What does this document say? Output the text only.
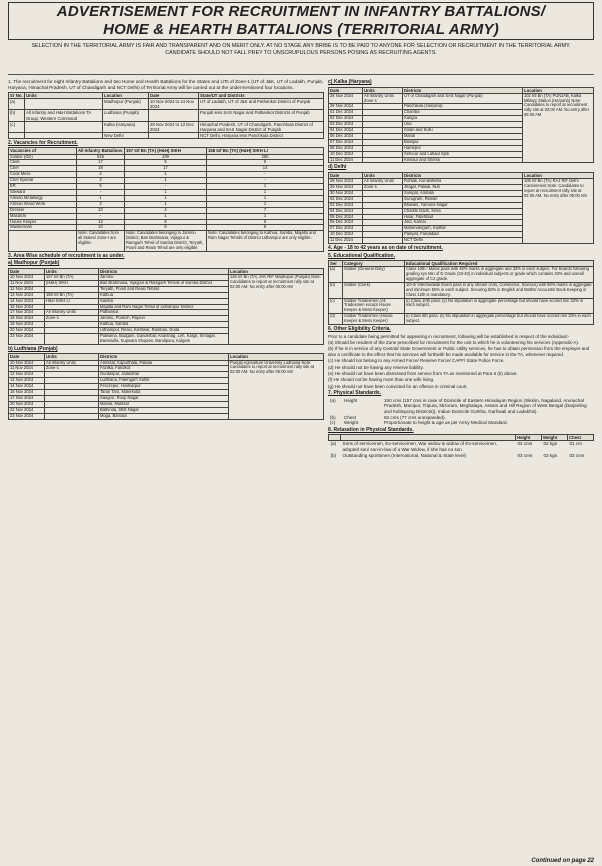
ADVERTISEMENT FOR RECRUITMENT IN INFANTRY BATTALIONS/
HOME & HEARTH BATTALIONS (TERRITORIAL ARMY)
SELECTION IN THE TERRITORIAL ARMY IS FAIR AND TRANSPARENT AND ON MERIT ONLY. AT NO STAGE ANY BRIBE IS TO BE PAID TO ANYONE FOR SELECTION OR RECRUITMENT IN THE TERRITORIAL ARMY. CANDIDATE SHOULD NOT FALL PREY TO UNSCRUPULOUS PERSONS POSING AS RECRUITING AGENTS.

1. The recruitment for eight Infantry Battalions and two Home and Hearth Battalions for the States and UTs of Zone-1 (UT of J&K, UT of Ladakh, Punjab, Haryana, Himachal Pradesh, UT of Chandigarh and NCT Delhi) of Territorial Army will be carried out at the undermentioned four locations.

Sr No.	Units	Location	Date	State/UT and Districts
(a)		Madhopur (Punjab)	10 Nov 2024 to 24 Nov 2024	UT of Ladakh, UT of J&K and Pathankot District of Punjab
(b)	All Infantry and H&H Battalions TA Group, Western Command	Ludhiana (Punjab)		Punjab less SAS Nagar and Pathankot Districts of Punjab
(c)		Kalka (Haryana)	28 Nov 2024 to 12 Dec 2024	Himachal Pradesh, UT of Chandigarh, Panchkula District of Haryana and SAS Nagar District of Punjab
		New Delhi		NCT Delhi, Haryana less Panchkula District
2. Vacancies for Recruitment.
Vacancies of	All Infantry Battalions	157 Inf Bn (TA) (H&H) SIKH	158 Inf Bn (TA) (H&H) SIKH LI
Soldier (GD)	515	239	260
Clerk	17	5	6
Chef	18	17	14
Cook Mess	2	1	-
Chef Special	3	1	-
ER	5	-	1
Steward	-	1	1
Artisan Metallurgy	1	1	1
Artisan Wood Work	3	1	1
Dresser	10	4	7
Masalchi	-	1	1
House Keeper	13	8	6
Washerman	10	6	6
	Note: Candidates from all States/ Zone-I are eligible.	Note: Candidates belonging to Jammu District, Bari Brahmana, Vijaypur & Ramgarh Tehsil of Samba District, Teryath, Poonl and Reasi Tehsil are only eligible.	Note: Candidates belonging to Kathua, Samba, Majalta and Ram Nagar Tehsils of District Udhampur are only eligible.
3. Area Wise schedule of recruitment is as under.
a) Madhopur (Punjab)
Date	Units	Districts	Location
10 Nov 2024	157 Inf Bn (TA)	Jammu	126 Inf Bn (TA) JAK RIF Madhopur (Punjab) Note: Candidates to report at recruitment rally site at 02:00 AM. No entry after 05:00 AM
11 Nov 2024	(H&H) SIKH	Bari Brahmana, Vijaypur & Ramgarh Tehsils of Samba District	
12 Nov 2024		Teryath, Poonl and Reasi Tehsils	
13 Nov 2024	158 Inf Bn (TA)	Kathua	
14 Nov 2024	H&H SIKH LI	Samba	
15 Nov 2024		Majalta and Ram Nagar Tehsil of Udhampur District	
17 Nov 2024	All Infantry Units	Pathankot	
18 Nov 2024	Zone-1	Jammu, Poonch, Rajouri	
19 Nov 2024		Kathua, Samba	
20 Nov 2024		Udhampur, Reasi, Kishtwar, Ramban, Doda	
23 Nov 2024		Pulwama, Budgam, Ganderbal, Anantnag, Leh, Kargil, Srinagar, Baramulla, Kupwara Shopian, Bandipora, Kulgam	
b) Ludhiana (Punjab)
Date	Units	Districts	Location
10 Nov 2024	All Infantry Units	Amritsar, Kapurthala, Patiala	Punjab Agriculture University Ludhiana Note: Candidates to report at recruitment rally site at 02:00 AM. No entry after 05:00 AM
11 Nov 2024	Zone-1	Fazilka, Faridkot	
12 Nov 2024		Gurdaspur, Jalandhar	
13 Nov 2024		Ludhiana, Fatehgarh Sahib	
14 Nov 2024		Ferozepur, Hoshiarpur	
15 Nov 2024		Taran Tarn, Malerkotla	
17 Nov 2024		Sangrur, Roop Nagar	
20 Nov 2024		Mansa, Muktsar	
22 Nov 2024		Bathinda, SBS Nagar	
23 Nov 2024		Moga, Barnala	
c) Kalka (Haryana)
Date	Units	Districts	Location
28 Nov 2024	All Infantry Units Zone-1	UT of Chandigarh and SAS Nagar (Punjab)	102 Inf Bn (TA) PUNJAB, Kalka Military Station (Haryana) Note: Candidates to report at recruitment rally site at 02:00 AM. No entry after 05:00 AM
29 Nov 2024		Panchkula (Haryana)	
01 Dec 2024		Chamba	
02 Dec 2024		Kangra	
03 Dec 2024		Una	
04 Dec 2024		Solan and Kullu	
06 Dec 2024		Mandi	
07 Dec 2024		Bilaspur	
08 Dec 2024		Hamirpur	
10 Dec 2024		Sirmour and Lahaul Spiti	
11 Dec 2024		Kinnaur and Shimla	
d) Delhi
Date	Units	Districts	Location
28 Nov 2024	All Infantry Units	Rohtak, Kurukshetra	105 Inf Bn (TA) RAJ RIF Delhi Cantonment Note: Candidates to report at recruitment rally site at 02:00 AM. No entry after 05:00 AM
29 Nov 2024	Zone-1	Jhajjar, Palwal, Nuh	
30 Nov 2024		Sonipat, Ambala	
02 Dec 2024		Gurugram, Rewari	
03 Dec 2024		Bhiwani, Yamuna Nagar	
04 Dec 2024		Charkhi Dadri, Sirsa	
05 Dec 2024		Hisar, Fatehbad	
06 Dec 2024		Jind, Karnal	
07 Dec 2024		Mahendergarh, Kaithal	
10 Dec 2024		Panipat, Faridabad	
11 Dec 2024		NCT Delhi	
4. Age - 18 to 42 years as on date of recruitment.
5. Educational Qualification.
Ser	Category	Educational Qualification Required
(a)	Soldier (General Duty)	Class 10th / Matric pass with 45% marks in aggregate and 33% in each subject. For Boards following grading sys Min of D Grade (33-40) in individual subjects or grade which contains 33% and overall aggregate of C2 grade.
(b)	Soldier (Clerk)	10+2/ Intermediate Exam pass in any stream (Arts, Commerce, Science) with 60% marks in aggregate and minimum 50% in each subject. Securing 50% in English and Maths/ Accounts/ Book Keeping in Class 12th is mandatory.
(c)	Soldier Tradesmen (All Tradesmen except House Keeper & Mess Keeper)	(i) Class 10th pass. (ii) No stipulation in aggregate percentage but should have scored min 33% in each subject.
(d)	Soldier Tradesmen (House Keeper & Mess Keeper)	(i) Class 8th pass. (ii) No stipulation in aggregate percentage but should have scored min 33% in each subject.
6. Other Eligibility Criteria.

Prior to a candidate being permitted for appearing in recruitment, following will be established in respect of the individual:-

(a) Should be resident of the Zone prescribed for recruitment for the unit to which he is volunteering his services (Appendix-A).

(b) If he is in service of any Central/ State Government or Public Utility services, he has to obtain permission from the employer and also a certificate to the effect that his services will forthwith be made available for service in the TA, whenever required.

(c) He should not belong to any Armed Force/ Reserve Force/ CAPF/ State Police Force.

(d) He should not be having any reserve liability.

(e) He should not have been dismissed from service from TA as mentioned at Para 6 (b) above.

(f) He should not be having more than one wife living.

(g) He should not have been convicted for an offence in criminal court.

7. Physical Standards.
(a)	Height	160 cms (157 cms in case of Domicile of Eastern Himalayan Region (Sikkim, Nagaland, Arunachal Pradesh, Manipur, Tripura, Mizoram, Meghalaya, Assam and Hill Region of West Bengal (Darjeeling and Kalimpong Districts)), Indian Domicile Gorkha, Garhwali and Ladakhis).
(b)	Chest	82 cms (77 cms unexpanded).
(c)	Weight	Proportionate to height & age as per Army Medical Standard.
8. Relaxation in Physical Standards.
		Height	Weight	Chest
(a)	Sons of servicemen, Ex-servicemen, War widow & widow of Ex-servicemen, adopted son/ son-in-law of a War Widow, if she has no son	02 cms	02 kgs	01 cm
(b)	Outstanding sportsmen (International, National & State level)	03 cms	03 kgs	03 cms
Continued on page 22
